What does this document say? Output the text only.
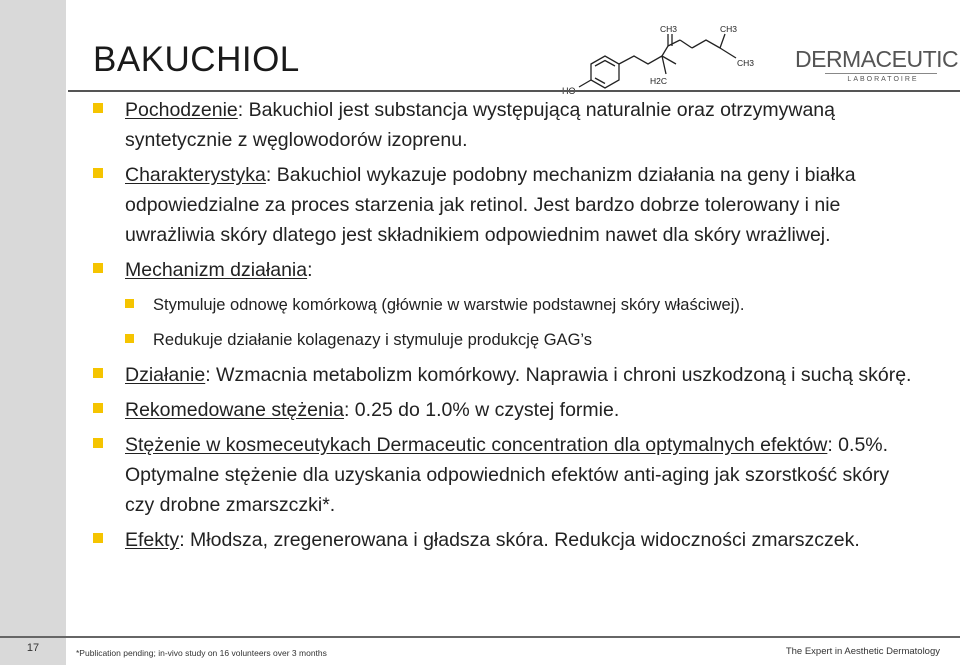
BAKUCHIOL
CH3	CH3
CH3
H2C
DERMACEUTIC
LABORATOIRE
Pochodzenie: Bakuchiol jest substancja występującą naturalnie oraz otrzymywaną syntetycznie z węglowodorów izoprenu.
Charakterystyka: Bakuchiol wykazuje podobny mechanizm działania na geny i białka odpowiedzialne za proces starzenia jak retinol. Jest bardzo dobrze tolerowany i nie uwrażliwia skóry dlatego jest składnikiem odpowiednim nawet dla skóry wrażliwej.
Mechanizm działania:
Stymuluje odnowę komórkową (głównie w warstwie podstawnej skóry właściwej).
Redukuje działanie kolagenazy i stymuluje produkcję GAG’s
Działanie: Wzmacnia metabolizm komórkowy. Naprawia i chroni uszkodzoną i suchą skórę.
Rekomedowane stężenia: 0.25 do 1.0% w czystej formie.
Stężenie w kosmeceutykach Dermaceutic concentration dla optymalnych efektów: 0.5%. Optymalne stężenie dla uzyskania odpowiednich efektów anti-aging jak szorstkość skóry czy drobne zmarszczki*.
Efekty: Młodsza, zregenerowana i gładsza skóra. Redukcja widoczności zmarszczek.
17	*Publication pending; in-vivo study on 16 volunteers over 3 months	The Expert in Aesthetic Dermatology
